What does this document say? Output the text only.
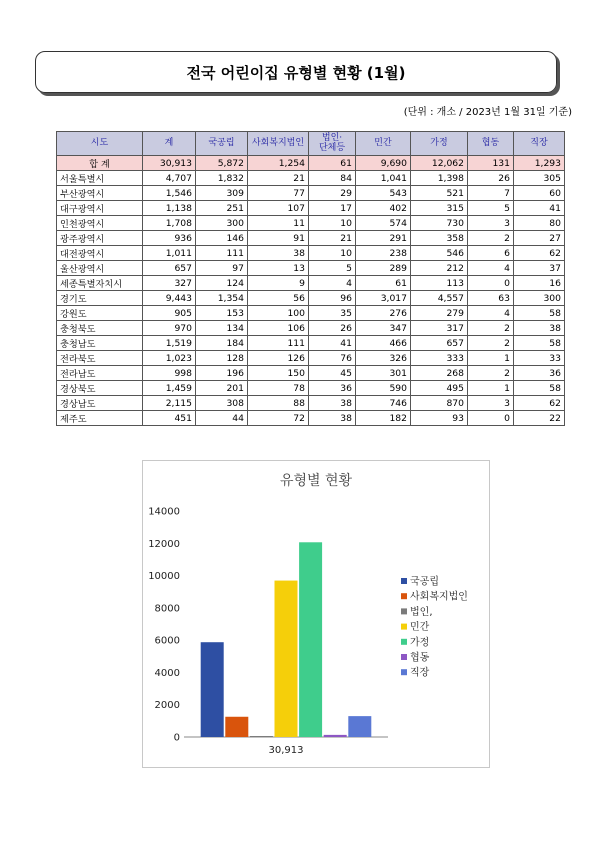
전국 어린이집 유형별 현황 (1월)
(단위 : 개소 / 2023년 1월 31일 기준)
시도	계	국공립	사회복지법인	법인·
단체등	민간	가정	협동	직장
합 계	30,913	5,872	1,254	61	9,690	12,062	131	1,293
서울특별시	4,707	1,832	21	84	1,041	1,398	26	305
부산광역시	1,546	309	77	29	543	521	7	60
대구광역시	1,138	251	107	17	402	315	5	41
인천광역시	1,708	300	11	10	574	730	3	80
광주광역시	936	146	91	21	291	358	2	27
대전광역시	1,011	111	38	10	238	546	6	62
울산광역시	657	97	13	5	289	212	4	37
세종특별자치시	327	124	9	4	61	113	0	16
경기도	9,443	1,354	56	96	3,017	4,557	63	300
강원도	905	153	100	35	276	279	4	58
충청북도	970	134	106	26	347	317	2	38
충청남도	1,519	184	111	41	466	657	2	58
전라북도	1,023	128	126	76	326	333	1	33
전라남도	998	196	150	45	301	268	2	36
경상북도	1,459	201	78	36	590	495	1	58
경상남도	2,115	308	88	38	746	870	3	62
제주도	451	44	72	38	182	93	0	22
유형별 현황
0
2000
4000
6000
8000
10000
12000
14000
30,913
국공립
사회복지법인
법인,
민간
가정
협동
직장
